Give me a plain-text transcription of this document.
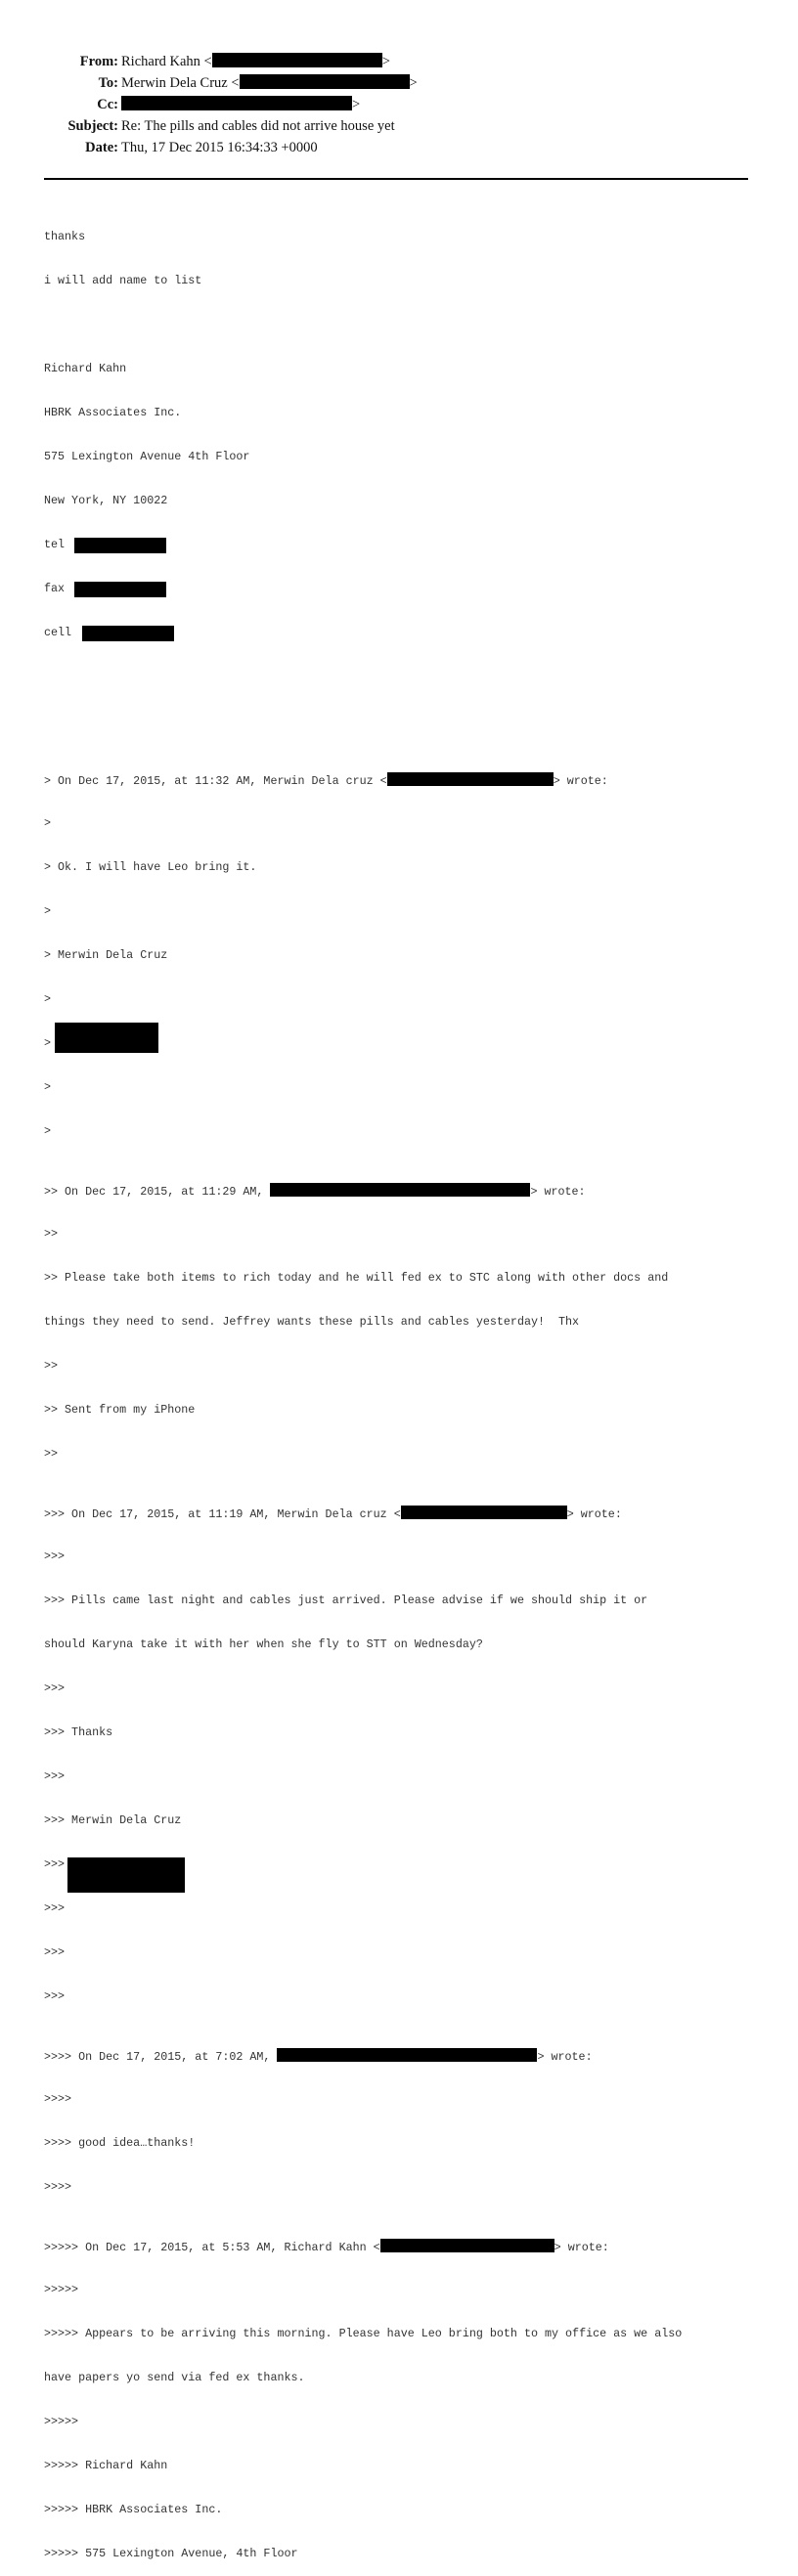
From: Richard Kahn <	>
To: Merwin Dela Cruz <	>
Cc:	>
Subject: Re: The pills and cables did not arrive house yet
Date: Thu, 17 Dec 2015 16:34:33 +0000

thanks

i will add name to list

Richard Kahn

HBRK Associates Inc.

575 Lexington Avenue 4th Floor

New York, NY 10022

tel

fax

cell

> On Dec 17, 2015, at 11:32 AM, Merwin Dela cruz <	> wrote:

>

> Ok. I will have Leo bring it.

>

> Merwin Dela Cruz

>

>

>

>

>> On Dec 17, 2015, at 11:29 AM,	> wrote:

>>

>> Please take both items to rich today and he will fed ex to STC along with other docs and

things they need to send. Jeffrey wants these pills and cables yesterday!  Thx

>>

>> Sent from my iPhone

>>

>>> On Dec 17, 2015, at 11:19 AM, Merwin Dela cruz <	> wrote:

>>>

>>> Pills came last night and cables just arrived. Please advise if we should ship it or

should Karyna take it with her when she fly to STT on Wednesday?

>>>

>>> Thanks

>>>

>>> Merwin Dela Cruz

>>>

>>>

>>>

>>>

>>>> On Dec 17, 2015, at 7:02 AM,	> wrote:

>>>>

>>>> good idea…thanks!

>>>>

>>>>> On Dec 17, 2015, at 5:53 AM, Richard Kahn <	> wrote:

>>>>>

>>>>> Appears to be arriving this morning. Please have Leo bring both to my office as we also

have papers yo send via fed ex thanks.

>>>>>

>>>>> Richard Kahn

>>>>> HBRK Associates Inc.

>>>>> 575 Lexington Avenue, 4th Floor
